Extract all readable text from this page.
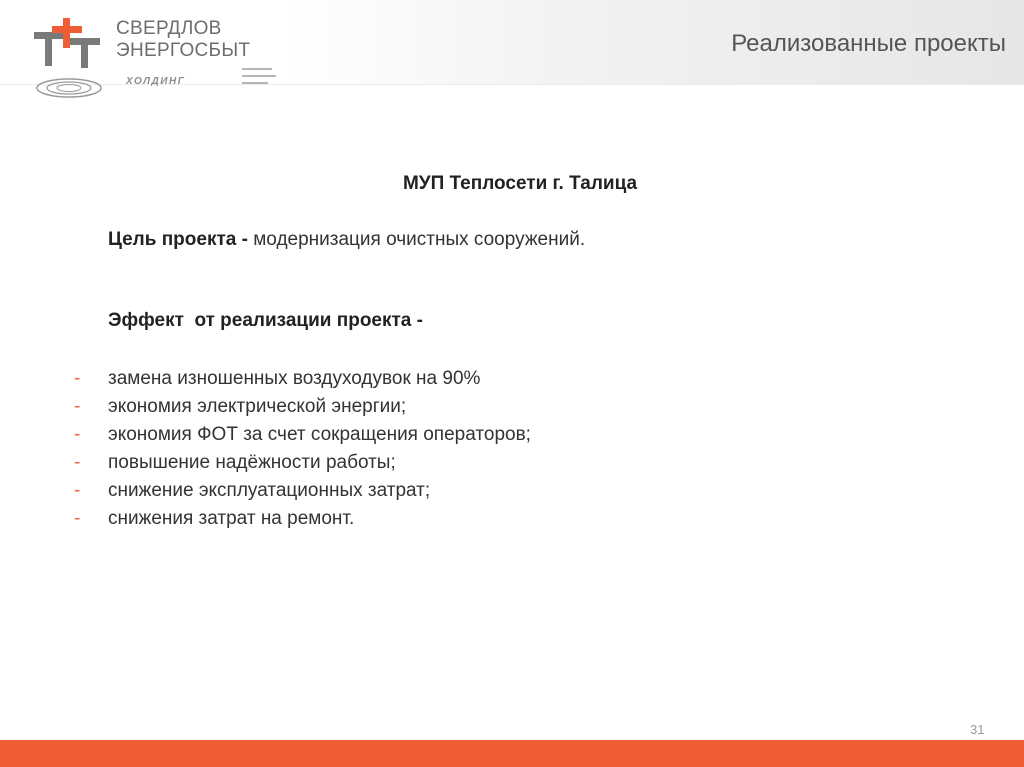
СВЕРДЛОВ
ЭНЕРГОСБЫТ
ХОЛДИНГ
Реализованные проекты
МУП Теплосети г. Талица
Цель проекта - модернизация очистных сооружений.
Эффект  от реализации проекта -
- замена изношенных воздуходувок на 90%
- экономия электрической энергии;
- экономия ФОТ за счет сокращения операторов;
- повышение надёжности работы;
- снижение эксплуатационных затрат;
- снижения затрат на ремонт.
31
